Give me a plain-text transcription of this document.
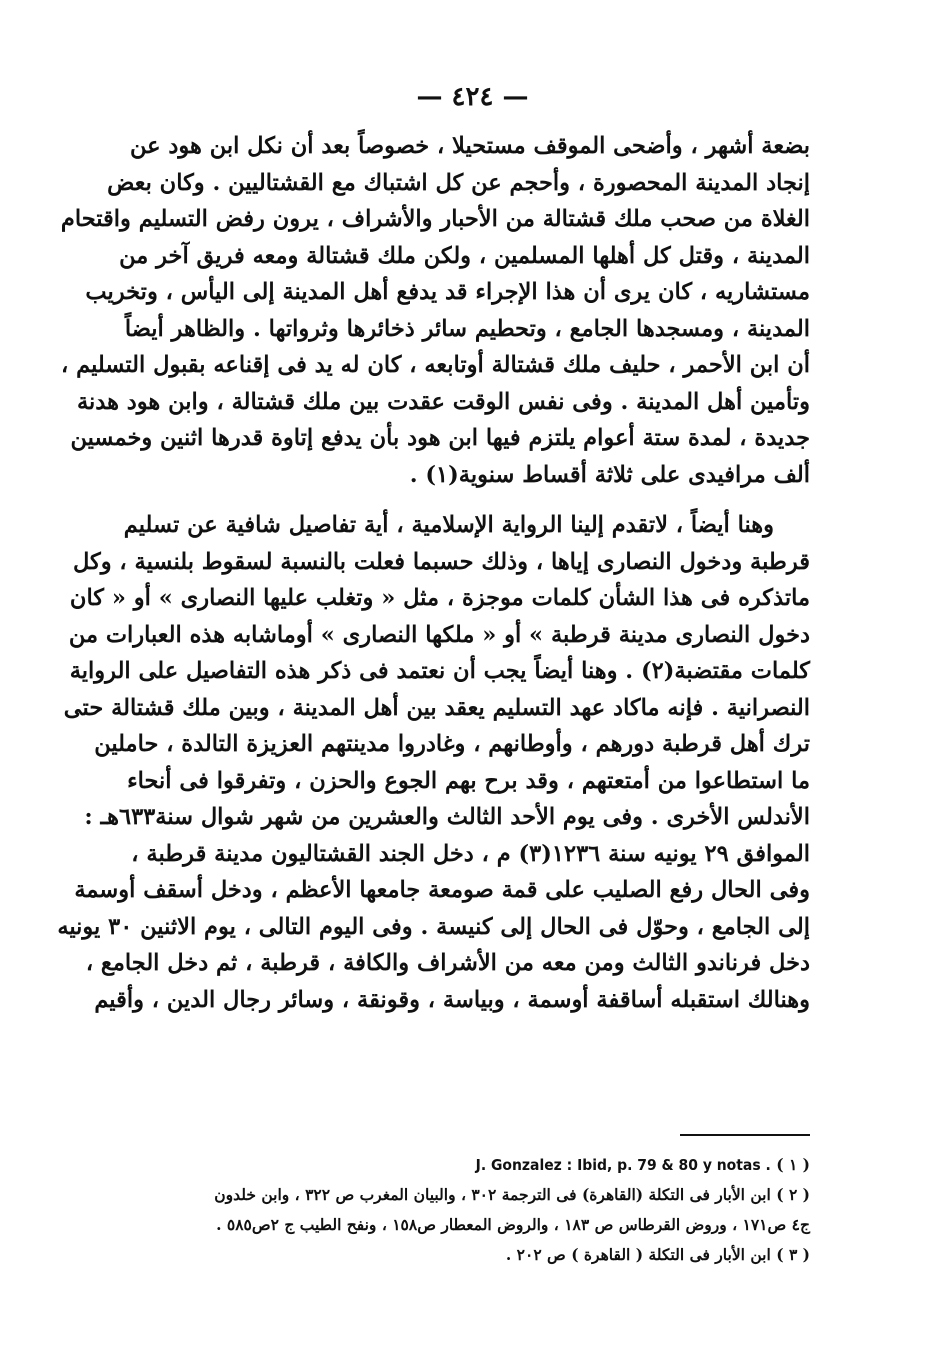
— ٤٢٤ —
بضعة أشهر ، وأضحى الموقف مستحيلا ، خصوصاً بعد أن نكل ابن هود عن
إنجاد المدينة المحصورة ، وأحجم عن كل اشتباك مع القشتاليين . وكان بعض
الغلاة من صحب ملك قشتالة من الأحبار والأشراف ، يرون رفض التسليم واقتحام
المدينة ، وقتل كل أهلها المسلمين ، ولكن ملك قشتالة ومعه فريق آخر من
مستشاريه ، كان يرى أن هذا الإجراء قد يدفع أهل المدينة إلى اليأس ، وتخريب
المدينة ، ومسجدها الجامع ، وتحطيم سائر ذخائرها وثرواتها . والظاهر أيضاً
أن ابن الأحمر ، حليف ملك قشتالة أوتابعه ، كان له يد فى إقناعه بقبول التسليم ،
وتأمين أهل المدينة . وفى نفس الوقت عقدت بين ملك قشتالة ، وابن هود هدنة
جديدة ، لمدة ستة أعوام يلتزم فيها ابن هود بأن يدفع إتاوة قدرها اثنين وخمسين
ألف مرافيدى على ثلاثة أقساط سنوية(١) .
وهنا أيضاً ، لاتقدم إلينا الرواية الإسلامية ، أية تفاصيل شافية عن تسليم
قرطبة ودخول النصارى إياها ، وذلك حسبما فعلت بالنسبة لسقوط بلنسية ، وكل
ماتذكره فى هذا الشأن كلمات موجزة ، مثل « وتغلب عليها النصارى » أو « كان
دخول النصارى مدينة قرطبة » أو « ملكها النصارى » أوماشابه هذه العبارات من
كلمات مقتضبة(٢) . وهنا أيضاً يجب أن نعتمد فى ذكر هذه التفاصيل على الرواية
النصرانية . فإنه ماكاد عهد التسليم يعقد بين أهل المدينة ، وبين ملك قشتالة حتى
ترك أهل قرطبة دورهم ، وأوطانهم ، وغادروا مدينتهم العزيزة التالدة ، حاملين
ما استطاعوا من أمتعتهم ، وقد برح بهم الجوع والحزن ، وتفرقوا فى أنحاء
الأندلس الأخرى . وفى يوم الأحد الثالث والعشرين من شهر شوال سنة٦٣٣هـ :
الموافق ٢٩ يونيه سنة ١٢٣٦(٣) م ، دخل الجند القشتاليون مدينة قرطبة ،
وفى الحال رفع الصليب على قمة صومعة جامعها الأعظم ، ودخل أسقف أوسمة
إلى الجامع ، وحوّل فى الحال إلى كنيسة . وفى اليوم التالى ، يوم الاثنين ٣٠ يونيه
دخل فرناندو الثالث ومن معه من الأشراف والكافة ، قرطبة ، ثم دخل الجامع ،
وهنالك استقبله أساقفة أوسمة ، وبياسة ، وقونقة ، وسائر رجال الدين ، وأقيم
( ١ ) J. Gonzalez : Ibid, p. 79 & 80 y notas .
( ٢ ) ابن الأبار فى التكلة (القاهرة) فى الترجمة ٣٠٢ ، والبيان المغرب ص ٣٢٢ ، وابن خلدون
ج٤ ص١٧١ ، وروض القرطاس ص ١٨٣ ، والروض المعطار ص١٥٨ ، ونفح الطيب ج ٢ص٥٨٥ .
( ٣ ) ابن الأبار فى التكلة ( القاهرة ) ص ٢٠٢ .
